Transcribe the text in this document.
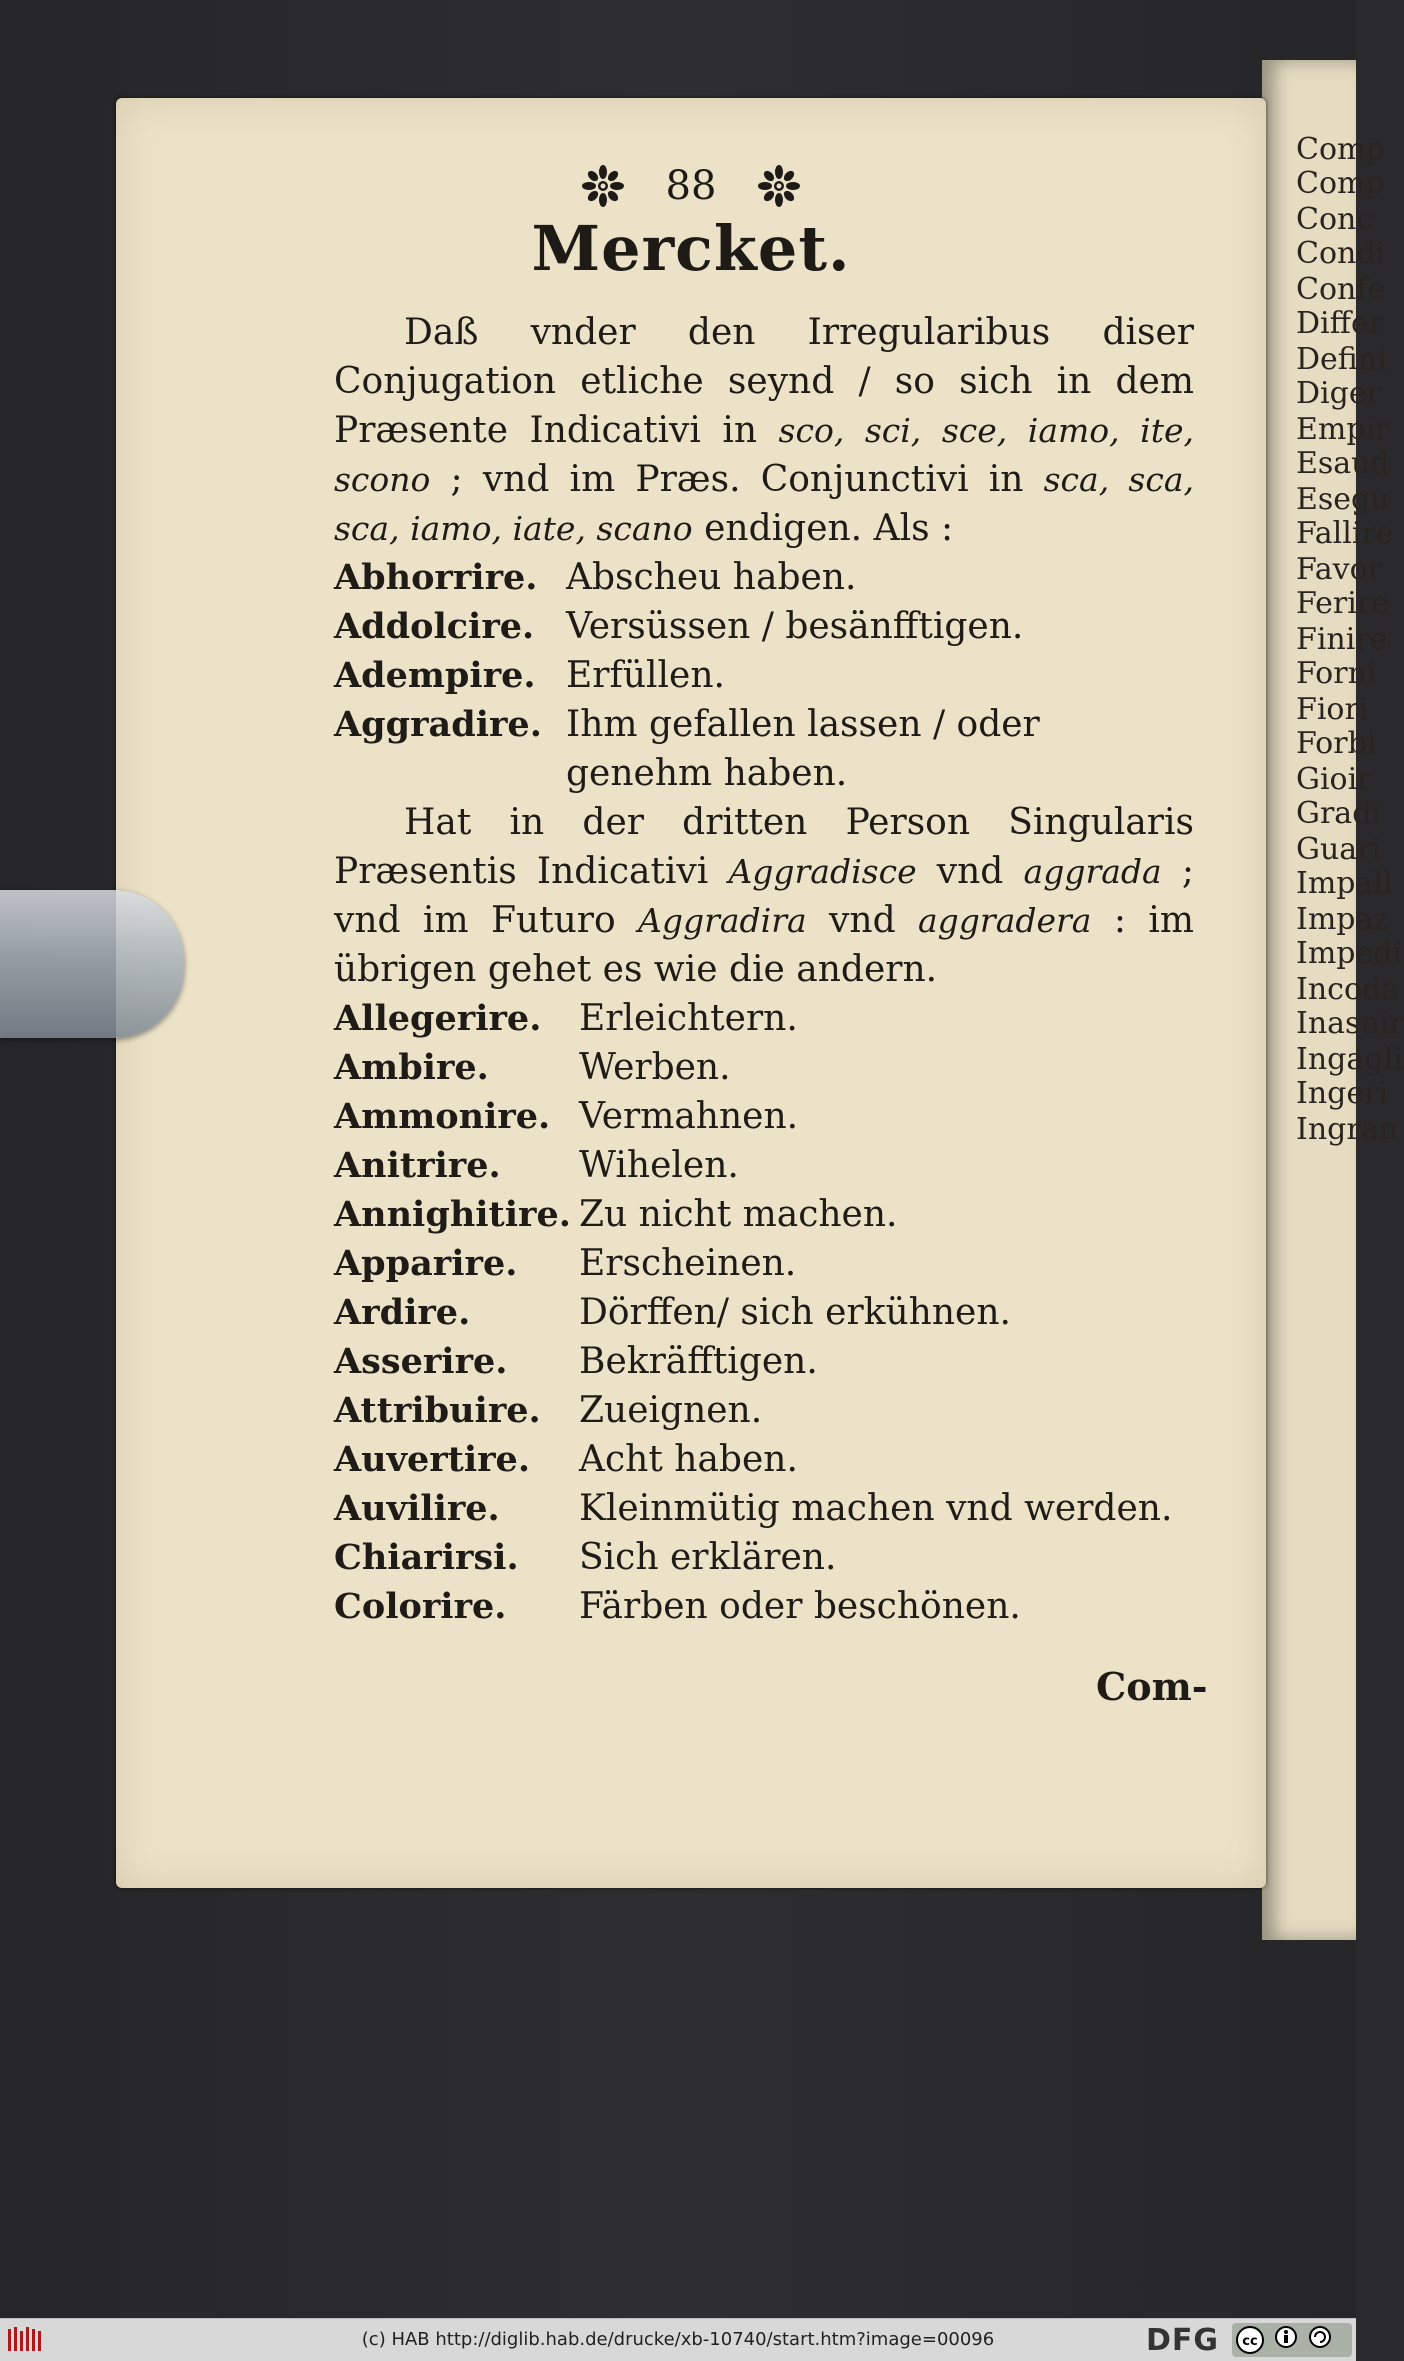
Comp
Comp
Conc
Condi
Confe
Differ
Defini
Diger
Empir
Esaud
Esegu
Fallire
Favor
Ferire
Finire
Forni
Fiori
Forbi
Gioir
Gradi
Guari
Impall
Impaz
Impedi
Incoda
Inasnir
Ingagli
Ingeri
Ingran
88
Mercket.

Daß vnder den Irregularibus diser Conjugation etliche seynd / so sich in dem Præsente Indicativi in sco, sci, sce, iamo, ite, scono ; vnd im Præs. Conjunctivi in sca, sca, sca, iamo, iate, scano endigen. Als :

Abhorrire. Abscheu haben.
Addolcire. Versüssen / besänfftigen.
Adempire. Erfüllen.
Aggradire. Ihm gefallen lassen / oder genehm haben.

Hat in der dritten Person Singularis Præsentis Indicativi Aggradisce vnd aggrada ; vnd im Futuro Aggradira vnd aggradera : im übrigen gehet es wie die andern.

Allegerire.	Erleichtern.
Ambire.	Werben.
Ammonire. Vermahnen.
Anitrire.	Wihelen.
Annighitire. Zu nicht machen.
Apparire.	Erscheinen.
Ardire.	Dörffen/ sich erkühnen.
Asserire.	Bekräfftigen.
Attribuire.	Zueignen.
Auvertire.	Acht haben.
Auvilire.	Kleinmütig machen vnd werden.
Chiarirsi.	Sich erklären.
Colorire.	Färben oder beschönen.
Com-
(c) HAB http://diglib.hab.de/drucke/xb-10740/start.htm?image=00096	DFG cc
